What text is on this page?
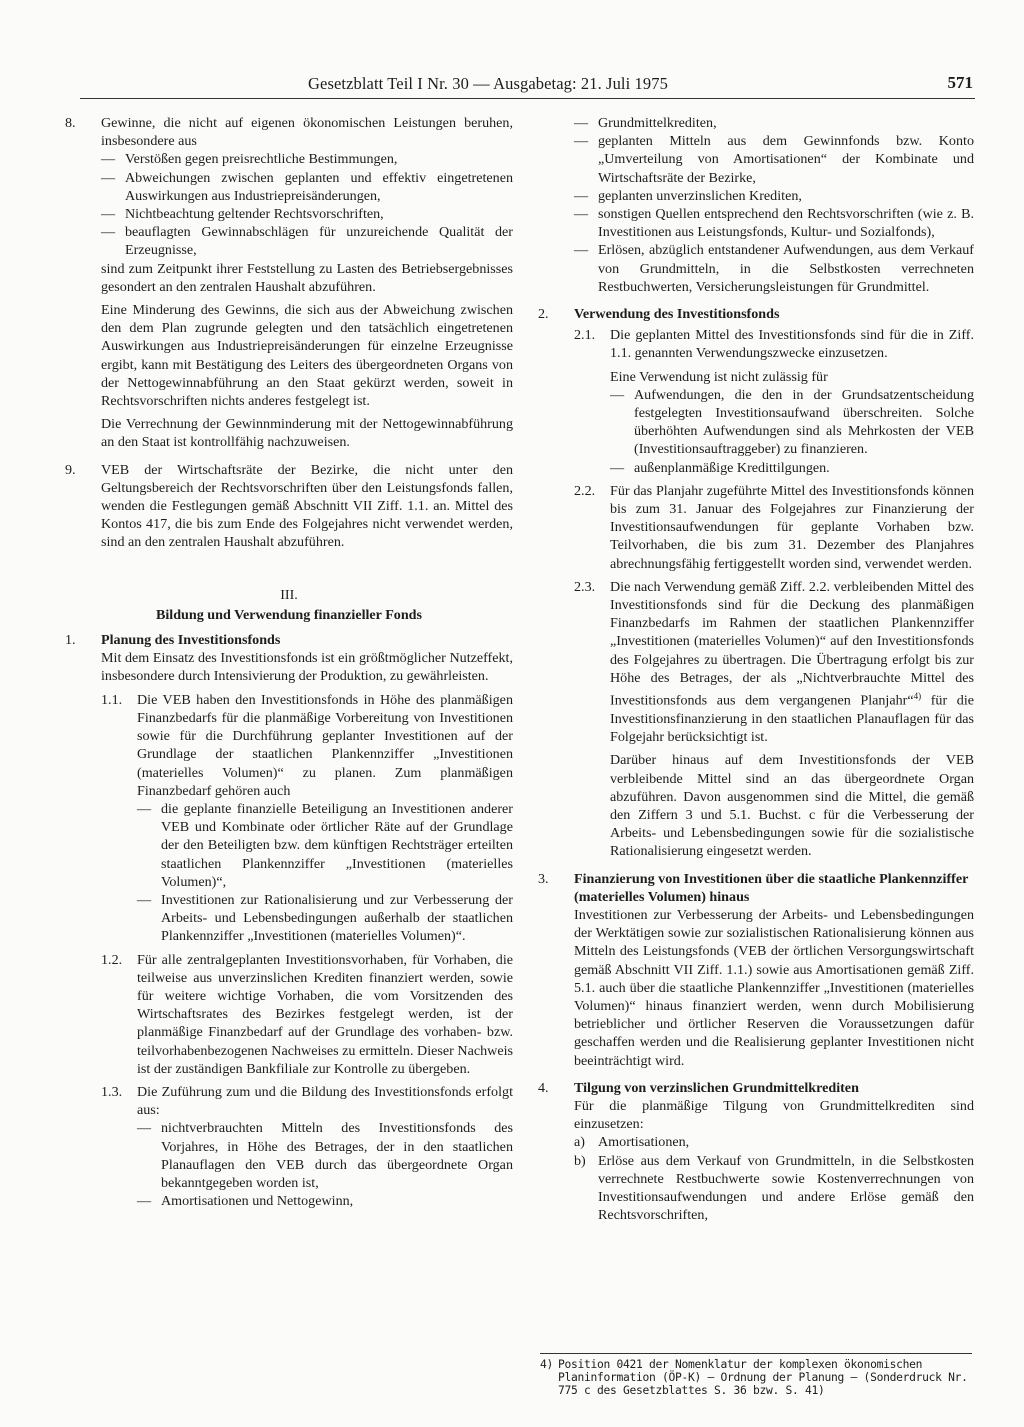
Gesetzblatt Teil I Nr. 30 — Ausgabetag: 21. Juli 1975	571
8. Gewinne, die nicht auf eigenen ökonomischen Leistungen beruhen, insbesondere aus

— Verstößen gegen preisrechtliche Bestimmungen,
— Abweichungen zwischen geplanten und effektiv eingetretenen Auswirkungen aus Industriepreisänderungen,
— Nichtbeachtung geltender Rechtsvorschriften,
— beauflagten Gewinnabschlägen für unzureichende Qualität der Erzeugnisse,

sind zum Zeitpunkt ihrer Feststellung zu Lasten des Betriebsergebnisses gesondert an den zentralen Haushalt abzuführen.

Eine Minderung des Gewinns, die sich aus der Abweichung zwischen den dem Plan zugrunde gelegten und den tatsächlich eingetretenen Auswirkungen aus Industriepreisänderungen für einzelne Erzeugnisse ergibt, kann mit Bestätigung des Leiters des übergeordneten Organs von der Nettogewinnabführung an den Staat gekürzt werden, soweit in Rechtsvorschriften nichts anderes festgelegt ist.

Die Verrechnung der Gewinnminderung mit der Nettogewinnabführung an den Staat ist kontrollfähig nachzuweisen.

9. VEB der Wirtschaftsräte der Bezirke, die nicht unter den Geltungsbereich der Rechtsvorschriften über den Leistungsfonds fallen, wenden die Festlegungen gemäß Abschnitt VII Ziff. 1.1. an. Mittel des Kontos 417, die bis zum Ende des Folgejahres nicht verwendet werden, sind an den zentralen Haushalt abzuführen.

III.

Bildung und Verwendung finanzieller Fonds

1. Planung des Investitionsfonds

Mit dem Einsatz des Investitionsfonds ist ein größtmöglicher Nutzeffekt, insbesondere durch Intensivierung der Produktion, zu gewährleisten.

1.1. Die VEB haben den Investitionsfonds in Höhe des planmäßigen Finanzbedarfs für die planmäßige Vorbereitung von Investitionen sowie für die Durchführung geplanter Investitionen auf der Grundlage der staatlichen Plankennziffer „Investitionen (materielles Volumen)“ zu planen. Zum planmäßigen Finanzbedarf gehören auch

— die geplante finanzielle Beteiligung an Investitionen anderer VEB und Kombinate oder örtlicher Räte auf der Grundlage der den Beteiligten bzw. dem künftigen Rechtsträger erteilten staatlichen Plankennziffer „Investitionen (materielles Volumen)“,
— Investitionen zur Rationalisierung und zur Verbesserung der Arbeits- und Lebensbedingungen außerhalb der staatlichen Plankennziffer „Investitionen (materielles Volumen)“.
1.2. Für alle zentralgeplanten Investitionsvorhaben, für Vorhaben, die teilweise aus unverzinslichen Krediten finanziert werden, sowie für weitere wichtige Vorhaben, die vom Vorsitzenden des Wirtschaftsrates des Bezirkes festgelegt werden, ist der planmäßige Finanzbedarf auf der Grundlage des vorhaben- bzw. teilvorhabenbezogenen Nachweises zu ermitteln. Dieser Nachweis ist der zuständigen Bankfiliale zur Kontrolle zu übergeben.

1.3. Die Zuführung zum und die Bildung des Investitionsfonds erfolgt aus:

— nichtverbrauchten Mitteln des Investitionsfonds des Vorjahres, in Höhe des Betrages, der in den staatlichen Planauflagen den VEB durch das übergeordnete Organ bekanntgegeben worden ist,
— Amortisationen und Nettogewinn,
— Grundmittelkrediten,
— geplanten Mitteln aus dem Gewinnfonds bzw. Konto „Umverteilung von Amortisationen“ der Kombinate und Wirtschaftsräte der Bezirke,
— geplanten unverzinslichen Krediten,
— sonstigen Quellen entsprechend den Rechtsvorschriften (wie z. B. Investitionen aus Leistungsfonds, Kultur- und Sozialfonds),
— Erlösen, abzüglich entstandener Aufwendungen, aus dem Verkauf von Grundmitteln, in die Selbstkosten verrechneten Restbuchwerten, Versicherungsleistungen für Grundmittel.
2. Verwendung des Investitionsfonds

2.1. Die geplanten Mittel des Investitionsfonds sind für die in Ziff. 1.1. genannten Verwendungszwecke einzusetzen.

Eine Verwendung ist nicht zulässig für

— Aufwendungen, die den in der Grundsatzentscheidung festgelegten Investitionsaufwand überschreiten. Solche überhöhten Aufwendungen sind als Mehrkosten der VEB (Investitionsauftraggeber) zu finanzieren.
— außenplanmäßige Kredittilgungen.
2.2. Für das Planjahr zugeführte Mittel des Investitionsfonds können bis zum 31. Januar des Folgejahres zur Finanzierung der Investitionsaufwendungen für geplante Vorhaben bzw. Teilvorhaben, die bis zum 31. Dezember des Planjahres abrechnungsfähig fertiggestellt worden sind, verwendet werden.

2.3. Die nach Verwendung gemäß Ziff. 2.2. verbleibenden Mittel des Investitionsfonds sind für die Deckung des planmäßigen Finanzbedarfs im Rahmen der staatlichen Plankennziffer „Investitionen (materielles Volumen)“ auf den Investitionsfonds des Folgejahres zu übertragen. Die Übertragung erfolgt bis zur Höhe des Betrages, der als „Nichtverbrauchte Mittel des Investitionsfonds aus dem vergangenen Planjahr“$^{4)}$ für die Investitionsfinanzierung in den staatlichen Planauflagen für das Folgejahr berücksichtigt ist.

Darüber hinaus auf dem Investitionsfonds der VEB verbleibende Mittel sind an das übergeordnete Organ abzuführen. Davon ausgenommen sind die Mittel, die gemäß den Ziffern 3 und 5.1. Buchst. c für die Verbesserung der Arbeits- und Lebensbedingungen sowie für die sozialistische Rationalisierung eingesetzt werden.

3. Finanzierung von Investitionen über die staatliche Plankennziffer (materielles Volumen) hinaus

Investitionen zur Verbesserung der Arbeits- und Lebensbedingungen der Werktätigen sowie zur sozialistischen Rationalisierung können aus Mitteln des Leistungsfonds (VEB der örtlichen Versorgungswirtschaft gemäß Abschnitt VII Ziff. 1.1.) sowie aus Amortisationen gemäß Ziff. 5.1. auch über die staatliche Plankennziffer „Investitionen (materielles Volumen)“ hinaus finanziert werden, wenn durch Mobilisierung betrieblicher und örtlicher Reserven die Voraussetzungen dafür geschaffen werden und die Realisierung geplanter Investitionen nicht beeinträchtigt wird.

4. Tilgung von verzinslichen Grundmittelkrediten

Für die planmäßige Tilgung von Grundmittelkrediten sind einzusetzen:

a) Amortisationen,
b) Erlöse aus dem Verkauf von Grundmitteln, in die Selbstkosten verrechnete Restbuchwerte sowie Kostenverrechnungen von Investitionsaufwendungen und andere Erlöse gemäß den Rechtsvorschriften,
4) Position 0421 der Nomenklatur der komplexen ökonomischen Planinformation (ÖP-K) — Ordnung der Planung — (Sonderdruck Nr. 775 c des Gesetzblattes S. 36 bzw. S. 41)
